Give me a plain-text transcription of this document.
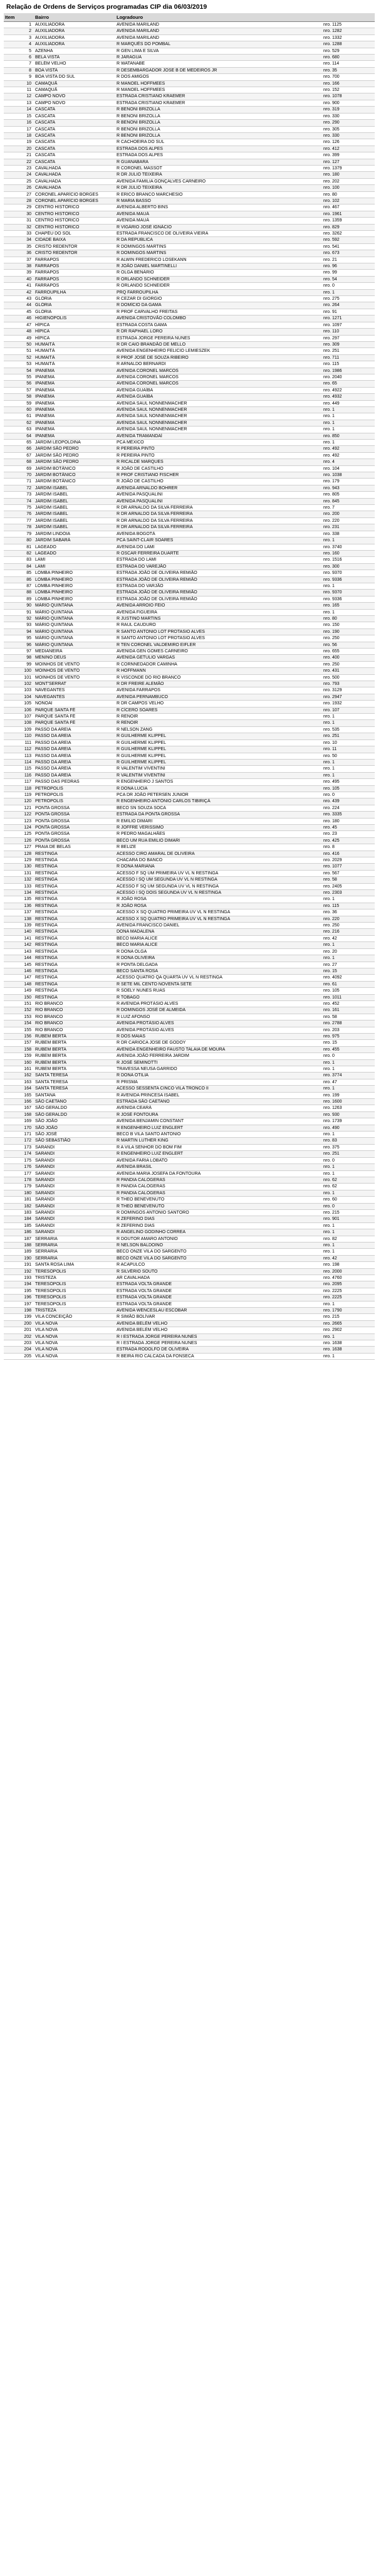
Relação de Ordens de Serviços programadas CIP dia 06/03/2019
Item	Bairro	Logradouro	
1	AUXILIADORA	AVENIDA MARILAND	nro. 1125
2	AUXILIADORA	AVENIDA MARILAND	nro. 1282
3	AUXILIADORA	AVENIDA MARILAND	nro. 1332
4	AUXILIADORA	R MARQUÊS DO POMBAL	nro. 1288
5	AZENHA	R GEN LIMA E SILVA	nro. 529
6	BELA VISTA	R JARAGUA	nro. 680
7	BELÉM VELHO	R WATANABE	nro. 114
8	BOA VISTA	R DESEMBARGADOR JOSE B DE MEDEIROS JR	nro. 35
9	BOA VISTA DO SUL	R DOS AMIGOS	nro. 700
10	CAMAQUÃ	R MANOEL HOFFMEES	nro. 166
11	CAMAQUÃ	R MANOEL HOFFMEES	nro. 152
12	CAMPO NOVO	ESTRADA CRISTIANO KRAEMER	nro. 1078
13	CAMPO NOVO	ESTRADA CRISTIANO KRAEMER	nro. 900
14	CASCATA	R BENONI BRIZOLLA	nro. 319
15	CASCATA	R BENONI BRIZOLLA	nro. 330
16	CASCATA	R BENONI BRIZOLLA	nro. 290
17	CASCATA	R BENONI BRIZOLLA	nro. 305
18	CASCATA	R BENONI BRIZOLLA	nro. 330
19	CASCATA	R CACHOEIRA DO SUL	nro. 126
20	CASCATA	ESTRADA DOS ALPES	nro. 412
21	CASCATA	ESTRADA DOS ALPES	nro. 399
22	CASCATA	R GUANABARA	nro. 127
23	CAVALHADA	R CORONEL MASSOT	nro. 1379
24	CAVALHADA	R DR JULIO TEIXEIRA	nro. 180
25	CAVALHADA	AVENIDA FAMILIA GONÇALVES CARNEIRO	nro. 202
26	CAVALHADA	R DR JULIO TEIXEIRA	nro. 100
27	CORONEL APARÍCIO BORGES	R ERICO BRANCO MARCHESIO	nro. 80
28	CORONEL APARÍCIO BORGES	R MARIA BASSO	nro. 102
29	CENTRO HISTÓRICO	AVENIDA ALBERTO BINS	nro. 467
30	CENTRO HISTÓRICO	AVENIDA MAUÁ	nro. 1961
31	CENTRO HISTÓRICO	AVENIDA MAUÁ	nro. 1359
32	CENTRO HISTÓRICO	R VIGÁRIO JOSÉ IGNÁCIO	nro. 829
33	CHAPÉU DO SOL	ESTRADA FRANCISCO DE OLIVEIRA VIEIRA	nro. 3262
34	CIDADE BAIXA	R DA REPÚBLICA	nro. 592
35	CRISTO REDENTOR	R DOMINGOS MARTINS	nro. 541
36	CRISTO REDENTOR	R DOMINGOS MARTINS	nro. 673
37	FARRAPOS	R ALWIN FREDERICO LOSEKANN	nro. 21
38	FARRAPOS	R JOÃO DANIEL MARTINELLI	nro. 96
39	FARRAPOS	R OLGA BENÁRIO	nro. 99
40	FARRAPOS	R ORLANDO SCHNEIDER	nro. 54
41	FARRAPOS	R ORLANDO SCHNEIDER	nro. 0
42	FARROUPILHA	PRQ FARROUPILHA	nro. 1
43	GLÓRIA	R CEZAR DI GIORGIO	nro. 275
44	GLÓRIA	R DOMÍCIO DA GAMA	nro. 264
45	GLÓRIA	R PROF CARVALHO FREITAS	nro. 91
46	HIGIENÓPOLIS	AVENIDA CRISTÓVÃO COLOMBO	nro. 1271
47	HÍPICA	ESTRADA COSTA GAMA	nro. 1097
48	HÍPICA	R DR RAPHAEL LORO	nro. 110
49	HÍPICA	ESTRADA JORGE PEREIRA NUNES	nro. 297
50	HUMAITÁ	R DR CAIO BRANDÃO DE MELLO	nro. 309
51	HUMAITÁ	AVENIDA ENGENHEIRO FELICIO LEMIESZEK	nro. 251
52	HUMAITÁ	R PROF JOSÉ DE SOUZA RIBEIRO	nro. 711
53	HUMAITÁ	R ARNALDO BERNARDI	nro. 115
54	IPANEMA	AVENIDA CORONEL MARCOS	nro. 1986
55	IPANEMA	AVENIDA CORONEL MARCOS	nro. 2040
56	IPANEMA	AVENIDA CORONEL MARCOS	nro. 65
57	IPANEMA	AVENIDA GUAÍBA	nro. 4922
58	IPANEMA	AVENIDA GUAÍBA	nro. 4932
59	IPANEMA	AVENIDA SAUL NONNENMACHER	nro. 449
60	IPANEMA	AVENIDA SAUL NONNENMACHER	nro. 1
61	IPANEMA	AVENIDA SAUL NONNENMACHER	nro. 1
62	IPANEMA	AVENIDA SAUL NONNENMACHER	nro. 1
63	IPANEMA	AVENIDA SAUL NONNENMACHER	nro. 1
64	IPANEMA	AVENIDA TRAMANDAÍ	nro. 850
65	JARDIM LEOPOLDINA	PCA MÉXICO	nro. 1
66	JARDIM SÃO PEDRO	R PEREIRA PINTO	nro. 492
67	JARDIM SÃO PEDRO	R PEREIRA PINTO	nro. 492
68	JARDIM SÃO PEDRO	R RICALDE MARQUES	nro. 4
69	JARDIM BOTÂNICO	R JOÃO DE CASTILHO	nro. 104
70	JARDIM BOTÂNICO	R PROF CRISTIANO FISCHER	nro. 1038
71	JARDIM BOTÂNICO	R JOÃO DE CASTILHO	nro. 179
72	JARDIM ISABEL	AVENIDA ARNALDO BOHRER	nro. 943
73	JARDIM ISABEL	AVENIDA PASQUALINI	nro. 805
74	JARDIM ISABEL	AVENIDA PASQUALINI	nro. 845
75	JARDIM ISABEL	R DR ARNALDO DA SILVA FERREIRA	nro. 7
76	JARDIM ISABEL	R DR ARNALDO DA SILVA FERREIRA	nro. 200
77	JARDIM ISABEL	R DR ARNALDO DA SILVA FERREIRA	nro. 220
78	JARDIM ISABEL	R DR ARNALDO DA SILVA FERREIRA	nro. 231
79	JARDIM LINDÓIA	AVENIDA BOGOTÁ	nro. 338
80	JARDIM SABARÁ	PCA SAINT-CLAIR SOARES	nro. 1
81	LAGEADO	AVENIDA DO LAMI	nro. 3740
82	LAGEADO	R OSCAR FERREIRA DUARTE	nro. 160
83	LAMI	ESTRADA DO LAMI	nro. 1516
84	LAMI	ESTRADA DO VAREJÃO	nro. 300
85	LOMBA PINHEIRO	ESTRADA JOÃO DE OLIVEIRA REMIÃO	nro. 9370
86	LOMBA PINHEIRO	ESTRADA JOÃO DE OLIVEIRA REMIÃO	nro. 9336
87	LOMBA PINHEIRO	ESTRADA DO VARJÃO	nro. 1
88	LOMBA PINHEIRO	ESTRADA JOÃO DE OLIVEIRA REMIÃO	nro. 9370
89	LOMBA PINHEIRO	ESTRADA JOÃO DE OLIVEIRA REMIÃO	nro. 9336
90	MÁRIO QUINTANA	AVENIDA ARROIO FEIO	nro. 165
91	MÁRIO QUINTANA	AVENIDA FIGUEIRA	nro. 1
92	MÁRIO QUINTANA	R JUSTINO MARTINS	nro. 80
93	MÁRIO QUINTANA	R RAUL CAUDURO	nro. 150
94	MÁRIO QUINTANA	R SANTO ANTONIO LOT PROTASIO ALVES	nro. 190
95	MÁRIO QUINTANA	R SANTO ANTONIO LOT PROTASIO ALVES	nro. 250
96	MÁRIO QUINTANA	R TEN CORONEL VALDEMIRO EIFLER	nro. 56
97	MEDIANEIRA	AVENIDA GEN GOMES CARNEIRO	nro. 655
98	MENINO DEUS	AVENIDA GETULIO VARGAS	nro. 400
99	MOINHOS DE VENTO	R CORNNEDADOR CAMINHA	nro. 250
100	MOINHOS DE VENTO	R HOFFMANN	nro. 431
101	MOINHOS DE VENTO	R VISCONDE DO RIO BRANCO	nro. 500
102	MONT'SERRAT	R DR FREIRE ALEMÃO	nro. 793
103	NAVEGANTES	AVENIDA FARRAPOS	nro. 3129
104	NAVEGANTES	AVENIDA PERNAMBUCO	nro. 2947
105	NONOAI	R DR CAMPOS VELHO	nro. 1932
106	PARQUE SANTA FÉ	R CÍCERO SOARES	nro. 107
107	PARQUE SANTA FÉ	R RENOIR	nro. 1
108	PARQUE SANTA FÉ	R RENOIR	nro. 1
109	PASSO DA AREIA	R NELSON ZANG	nro. 535
110	PASSO DA AREIA	R GUILHERME KLIPPEL	nro. 251
111	PASSO DA AREIA	R GUILHERME KLIPPEL	nro. 10
112	PASSO DA AREIA	R GUILHERME KLIPPEL	nro. 11
113	PASSO DA AREIA	R GUILHERME KLIPPEL	nro. 50
114	PASSO DA AREIA	R GUILHERME KLIPPEL	nro. 1
115	PASSO DA AREIA	R VALENTIM VIVENTINI	nro. 1
116	PASSO DA AREIA	R VALENTIM VIVENTINI	nro. 1
117	PASSO DAS PEDRAS	R ENGENHEIRO J SANTOS	nro. 495
118	PETRÓPOLIS	R DONA LUCIA	nro. 105
119	PETRÓPOLIS	PCA DR JOÃO PETERSEN JÚNIOR	nro. 0
120	PETRÓPOLIS	R ENGENHEIRO ANTÔNIO CARLOS TIBIRIÇÁ	nro. 439
121	PONTA GROSSA	BECO SN SOUZA SOCA	nro. 224
122	PONTA GROSSA	ESTRADA DA PONTA GROSSA	nro. 3335
123	PONTA GROSSA	R EMILIO DIMARI	nro. 180
124	PONTA GROSSA	R JOFFRE VERISSIMO	nro. 45
125	PONTA GROSSA	R PEDRO MAGALHÃES	nro. 23
126	PONTA GROSSA	BECO UM RUA EMILIO DIMARI	nro. 425
127	PRAIA DE BELAS	R BELIZE	nro. 8
128	RESTINGA	ACESSO CIRO AMARAL DE OLIVEIRA	nro. 416
129	RESTINGA	CHACARA DO BANCO	nro. 2029
130	RESTINGA	R DONA MARIANA	nro. 1077
131	RESTINGA	ACESSO F SQ UM PRIMEIRA UV VL N RESTINGA	nro. 567
132	RESTINGA	ACESSO I SQ UM SEGUNDA UV VL N RESTINGA	nro. 58
133	RESTINGA	ACESSO F SQ UM SEGUNDA UV VL N RESTINGA	nro. 2405
134	RESTINGA	ACESSO I SQ DOIS SEGUNDA UV VL N RESTINGA	nro. 2303
135	RESTINGA	R JOÃO ROSA	nro. 1
136	RESTINGA	R JOÃO ROSA	nro. 115
137	RESTINGA	ACESSO X SQ QUATRO PRIMEIRA UV VL N RESTINGA	nro. 36
138	RESTINGA	ACESSO X SQ QUATRO PRIMEIRA UV VL N RESTINGA	nro. 220
139	RESTINGA	AVENIDA FRANCISCO DANIEL	nro. 250
140	RESTINGA	DONA MADALENA	nro. 216
141	RESTINGA	BECO MARIA ALICE	nro. 42
142	RESTINGA	BECO MARIA ALICE	nro. 1
143	RESTINGA	R DONA OLGA	nro. 20
144	RESTINGA	R DONA OLIVEIRA	nro. 1
145	RESTINGA	R PONTA DELGADA	nro. 27
146	RESTINGA	BECO SANTA ROSA	nro. 15
147	RESTINGA	ACESSO QUATRO QA QUARTA UV VL N RESTINGA	nro. 4092
148	RESTINGA	R SETE MIL CENTO NOVENTA SETE	nro. 61
149	RESTINGA	R SOELY NUNES RUAS	nro. 105
150	RESTINGA	R TOBAGO	nro. 1011
151	RIO BRANCO	R AVENIDA PROTÁSIO ALVES	nro. 452
152	RIO BRANCO	R DOMINGOS JOSÉ DE ALMEIDA	nro. 161
153	RIO BRANCO	R LUIZ AFONSO	nro. 58
154	RIO BRANCO	AVENIDA PROTÁSIO ALVES	nro. 2788
155	RIO BRANCO	AVENIDA PROTÁSIO ALVES	nro. 203
156	RUBEM BERTA	R DOS MAIAS	nro. 975
157	RUBEM BERTA	R DR CARIOCA JOSE DE GODOY	nro. 15
158	RUBEM BERTA	AVENIDA ENGENHEIRO FAUSTO TALAIA DE MOURA	nro. 455
159	RUBEM BERTA	AVENIDA JOÃO FERREIRA JARDIM	nro. 0
160	RUBEM BERTA	R JOSÉ SEMINOTTI	nro. 1
161	RUBEM BERTA	TRAVESSA NEUSA GARRIDO	nro. 1
162	SANTA TERESA	R DONA OTILIA	nro. 3774
163	SANTA TERESA	R PRISMA	nro. 47
164	SANTA TERESA	ACESSO SESSENTA CINCO VILA TRONCO II	nro. 1
165	SANTANA	R AVENIDA PRINCESA ISABEL	nro. 199
166	SÃO CAETANO	ESTRADA SÃO CAETANO	nro. 1600
167	SÃO GERALDO	AVENIDA CEARÁ	nro. 1263
168	SÃO GERALDO	R JOSÉ FONTOURA	nro. 930
169	SÃO JOÃO	AVENIDA BENJAMIN CONSTANT	nro. 1739
170	SÃO JOÃO	R ENGENHEIRO LUIZ ENGLERT	nro. 490
171	SÃO JOSÉ	BECO B VILA SANTO ANTONIO	nro. 1
172	SÃO SEBASTIÃO	R MARTIN LUTHER KING	nro. 83
173	SARANDI	R A VILA SENHOR DO BOM FIM	nro. 375
174	SARANDI	R ENGENHEIRO LUIZ ENGLERT	nro. 251
175	SARANDI	AVENIDA FARIA LOBATO	nro. 0
176	SARANDI	AVENIDA BRASIL	nro. 1
177	SARANDI	AVENIDA MARIA JOSEFA DA FONTOURA	nro. 1
178	SARANDI	R PANDIA CALÓGERAS	nro. 62
179	SARANDI	R PANDIA CALÓGERAS	nro. 62
180	SARANDI	R PANDIA CALÓGERAS	nro. 1
181	SARANDI	R THEO BENEVENUTO	nro. 60
182	SARANDI	R THEO BENEVENUTO	nro. 0
183	SARANDI	R DOMINGOS ANTONIO SANTORO	nro. 215
184	SARANDI	R ZEFERINO DIAS	nro. 901
185	SARANDI	R ZEFERINO DIAS	nro. 1
186	SARANDI	R ANGELINO GODINHO CORREA	nro. 1
187	SERRARIA	R DOUTOR AMARO ANTONIO	nro. 82
188	SERRARIA	R NELSON BALDOINO	nro. 1
189	SERRARIA	BECO ONZE VILA DO SARGENTO	nro. 1
190	SERRARIA	BECO ONZE VILA DO SARGENTO	nro. 42
191	SANTA ROSA LIMA	R ACAPULCO	nro. 198
192	TERESÓPOLIS	R SILVÉRIO SOUTO	nro. 2000
193	TRISTEZA	AR CAVALHADA	nro. 4760
194	TERESÓPOLIS	ESTRADA VOLTA GRANDE	nro. 2095
195	TERESÓPOLIS	ESTRADA VOLTA GRANDE	nro. 2225
196	TERESÓPOLIS	ESTRADA VOLTA GRANDE	nro. 2225
197	TERESÓPOLIS	ESTRADA VOLTA GRANDE	nro. 1
198	TRISTEZA	AVENIDA WENCESLAU ESCOBAR	nro. 1790
199	VILA CONCEIÇÃO	R SIMÃO BOLÍVAR	nro. 215
200	VILA NOVA	AVENIDA BELÉM VELHO	nro. 2665
201	VILA NOVA	AVENIDA BELÉM VELHO	nro. 2902
202	VILA NOVA	R I ESTRADA JORGE PEREIRA NUNES	nro. 1
203	VILA NOVA	R I ESTRADA JORGE PEREIRA NUNES	nro. 1638
204	VILA NOVA	ESTRADA RODOLFO DE OLIVEIRA	nro. 1638
205	VILA NOVA	R BEIRA RIO CALCADA DA FONSECA	nro. 1
